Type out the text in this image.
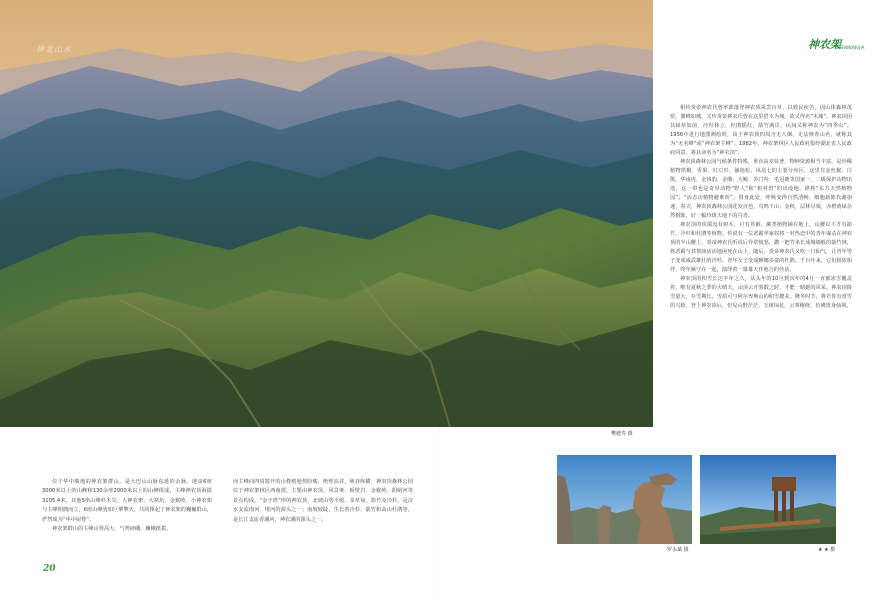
神龙山水
樊德寿 摄
神农架
SHENNONGJIA

相传炎帝神农氏曾率部落登神农顶采尝百草，以救民疾苦，因山体森林茂密，翼峰如城，又传炎帝神农氏曾在这里搭木为城，故又得名“木城”。神农顶因其绿草如茵，冷杉林立，杜鹃摇红，箭竹满岸，民间又称神农为“四季山”。1956年进行地图测绘时，由于神农顶四周含无人烟，无法核查山名，就称其为“无名峰”或“神农架主峰”。1982年，神农架林区人民政府报经湖北省人民政府同意，将其命名为“神农顶”。

神农顶森林公园气候条件特殊，垂直高差显著，物种资源相当丰富，是珍稀植物珙桐、香果、红豆杉、铺地松、凤尾七的主要分布区。这里有金丝猴、白熊、华南虎、金钱豹、金雕、大鲵、苏门羚、毛冠鹿等国家一、二级保护动物出没，这一带也是奇异动物“野人”和“棺材兽”的出没地，堪称“东方天然植物园”、“活态动植物避难所”。置身此处，呼吸变得自然清畅，细胞新陈代谢加速，春天，神农顶森林公园花发百色，鸟鸣千山；金秋，层林尽染，赤橙黄绿杂然相陈，好一幅玲珑天地下的丹青。

神农顶的顶端没有树木，只有苔藓，蕨类植物铺在地上，山腰以下才有箭竹、冷杉和杜鹃等植物。传说有一位恶霸率家奴将一对热恋中的青年谋杀在神农顶的半山腰上，炎帝神农氏听说后异常愤怒，撒一把竹米长成城墙般的箭竹林，将恶霸与其帮凶活活地困死在山上。随后，炎帝神农氏又吹一口仙气，让青年男子变成威武雄壮的冷杉，青年女子变成婀娜多姿的杜鹃。千百年来，它们相依相伴，终年厮守在一起，演绎着一幕幕天作地合的佳话。

神农顶的积雪长达半年之久，从头年的10月到次年的4月一直被冰雪覆盖着，唯有夏秋之季的大晴天，山顶云开雾散之时，才能一睹她的风采。神农顶降雪量大，存雪期长，雪质可与阿尔卑斯山的积雪媲美。隆冬时节，将若你有赏雪的兴致，登上神农顶后，但见山野茫茫，玉树琼花，云雾缭绕，仿佛置身仙境。

位于华中腹地的神农架群山，是大巴山山脉东延的余脉。地由6座3000米以上的山峰和130余座2000米以上的山峰组成，主峰神农顶海拔3105.4米，其他5座山峰杉木尖、大神农架、大窝坑、金猴岭、小神农架与主峰相拥而立，6座山峰犹如巨擘擎天，共同撑起了神农架的巍巍群山，俨然成为“华中屋脊”。

神农架群山的主峰山势高大，气势磅礴，巍峨挺拔，

而主峰向四周散开的山脊则地势险峻，绝壁高耸，峡谷纵横。神农顶森林公园位于神农架林区西南部，主要由神农顶、风景垭、板壁岩、金猴岭、阴峪河等景点构成。“金字塔”形的神农顶，北坡山势平缓，多草甸，箭竹及冷杉，是汉水支流南河、堵河的源头之一；南坡较陡，生长着冷杉、箭竹和高山杜鹃等，是长江支流香溪河、神农溪的源头之一。

罗永斌 摄	★ ★ 摄
20
